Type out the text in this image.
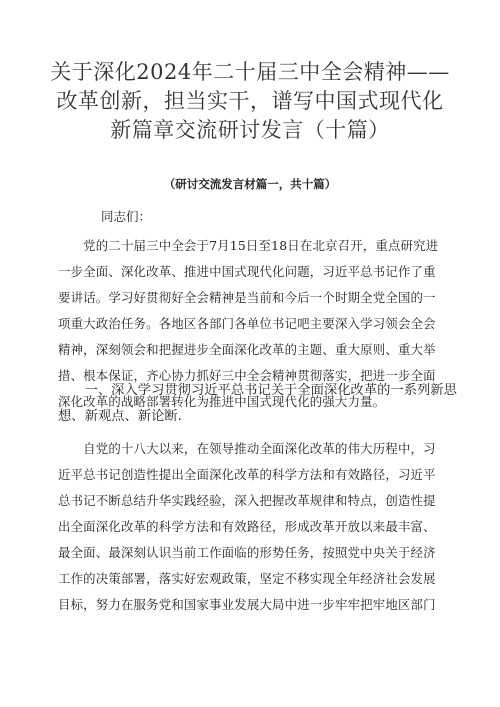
关于深化2024年二十届三中全会精神——
改革创新，担当实干，谱写中国式现代化
新篇章交流研讨发言（十篇）
（研讨交流发言材篇一，共十篇）
同志们：
　　党的二十届三中全会于7月15日至18日在北京召开，重点研究进
一步全面、深化改革、推进中国式现代化问题，习近平总书记作了重
要讲话。学习好贯彻好全会精神是当前和今后一个时期全党全国的一
项重大政治任务。各地区各部门各单位书记吧主要深入学习领会全会
精神，深刻领会和把握进步全面深化改革的主题、重大原则、重大举
措、根本保证，齐心协力抓好三中全会精神贯彻落实，把进一步全面
深化改革的战略部署转化为推进中国式现代化的强大力量。
　　一、深入学习贯彻习近平总书记关于全面深化改革的一系列新思
想、新观点、新论断.
　　自党的十八大以来，在领导推动全面深化改革的伟大历程中，习
近平总书记创造性提出全面深化改革的科学方法和有效路径，习近平
总书记不断总结升华实践经验，深入把握改革规律和特点，创造性提
出全面深化改革的科学方法和有效路径，形成改革开放以来最丰富、
最全面、最深刻认识当前工作面临的形势任务，按照党中央关于经济
工作的决策部署，落实好宏观政策，坚定不移实现全年经济社会发展
目标，努力在服务党和国家事业发展大局中进一步牢牢把牢地区部门
